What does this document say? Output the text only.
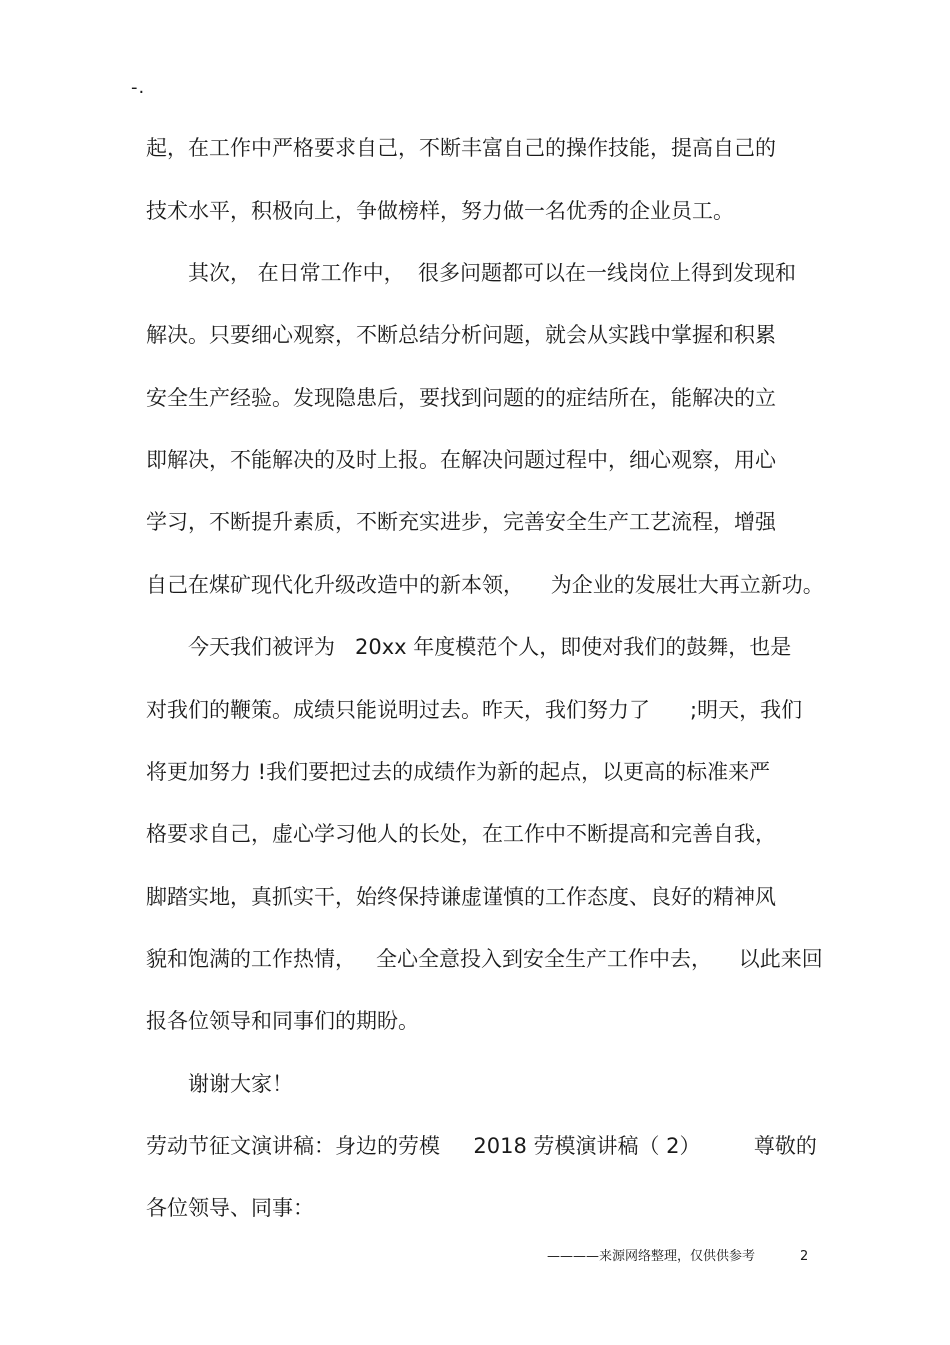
-.
起，在工作中严格要求自己，不断丰富自己的操作技能，提高自己的
技术水平，积极向上，争做榜样，努力做一名优秀的企业员工。
其次， 在日常工作中，  很多问题都可以在一线岗位上得到发现和
解决。只要细心观察，不断总结分析问题，就会从实践中掌握和积累
安全生产经验。发现隐患后，要找到问题的的症结所在，能解决的立
即解决，不能解决的及时上报。在解决问题过程中，细心观察，用心
学习，不断提升素质，不断充实进步，完善安全生产工艺流程，增强
自己在煤矿现代化升级改造中的新本领，    为企业的发展壮大再立新功。
今天我们被评为   20xx 年度模范个人，即使对我们的鼓舞，也是
对我们的鞭策。成绩只能说明过去。昨天，我们努力了      ;明天，我们
将更加努力 !我们要把过去的成绩作为新的起点，以更高的标准来严
格要求自己，虚心学习他人的长处，在工作中不断提高和完善自我，
脚踏实地，真抓实干，始终保持谦虚谨慎的工作态度、良好的精神风
貌和饱满的工作热情，   全心全意投入到安全生产工作中去，    以此来回
报各位领导和同事们的期盼。
谢谢大家！
劳动节征文演讲稿：身边的劳模     2018 劳模演讲稿（ 2）        尊敬的
各位领导、同事：
————来源网络整理，仅供供参考	2
